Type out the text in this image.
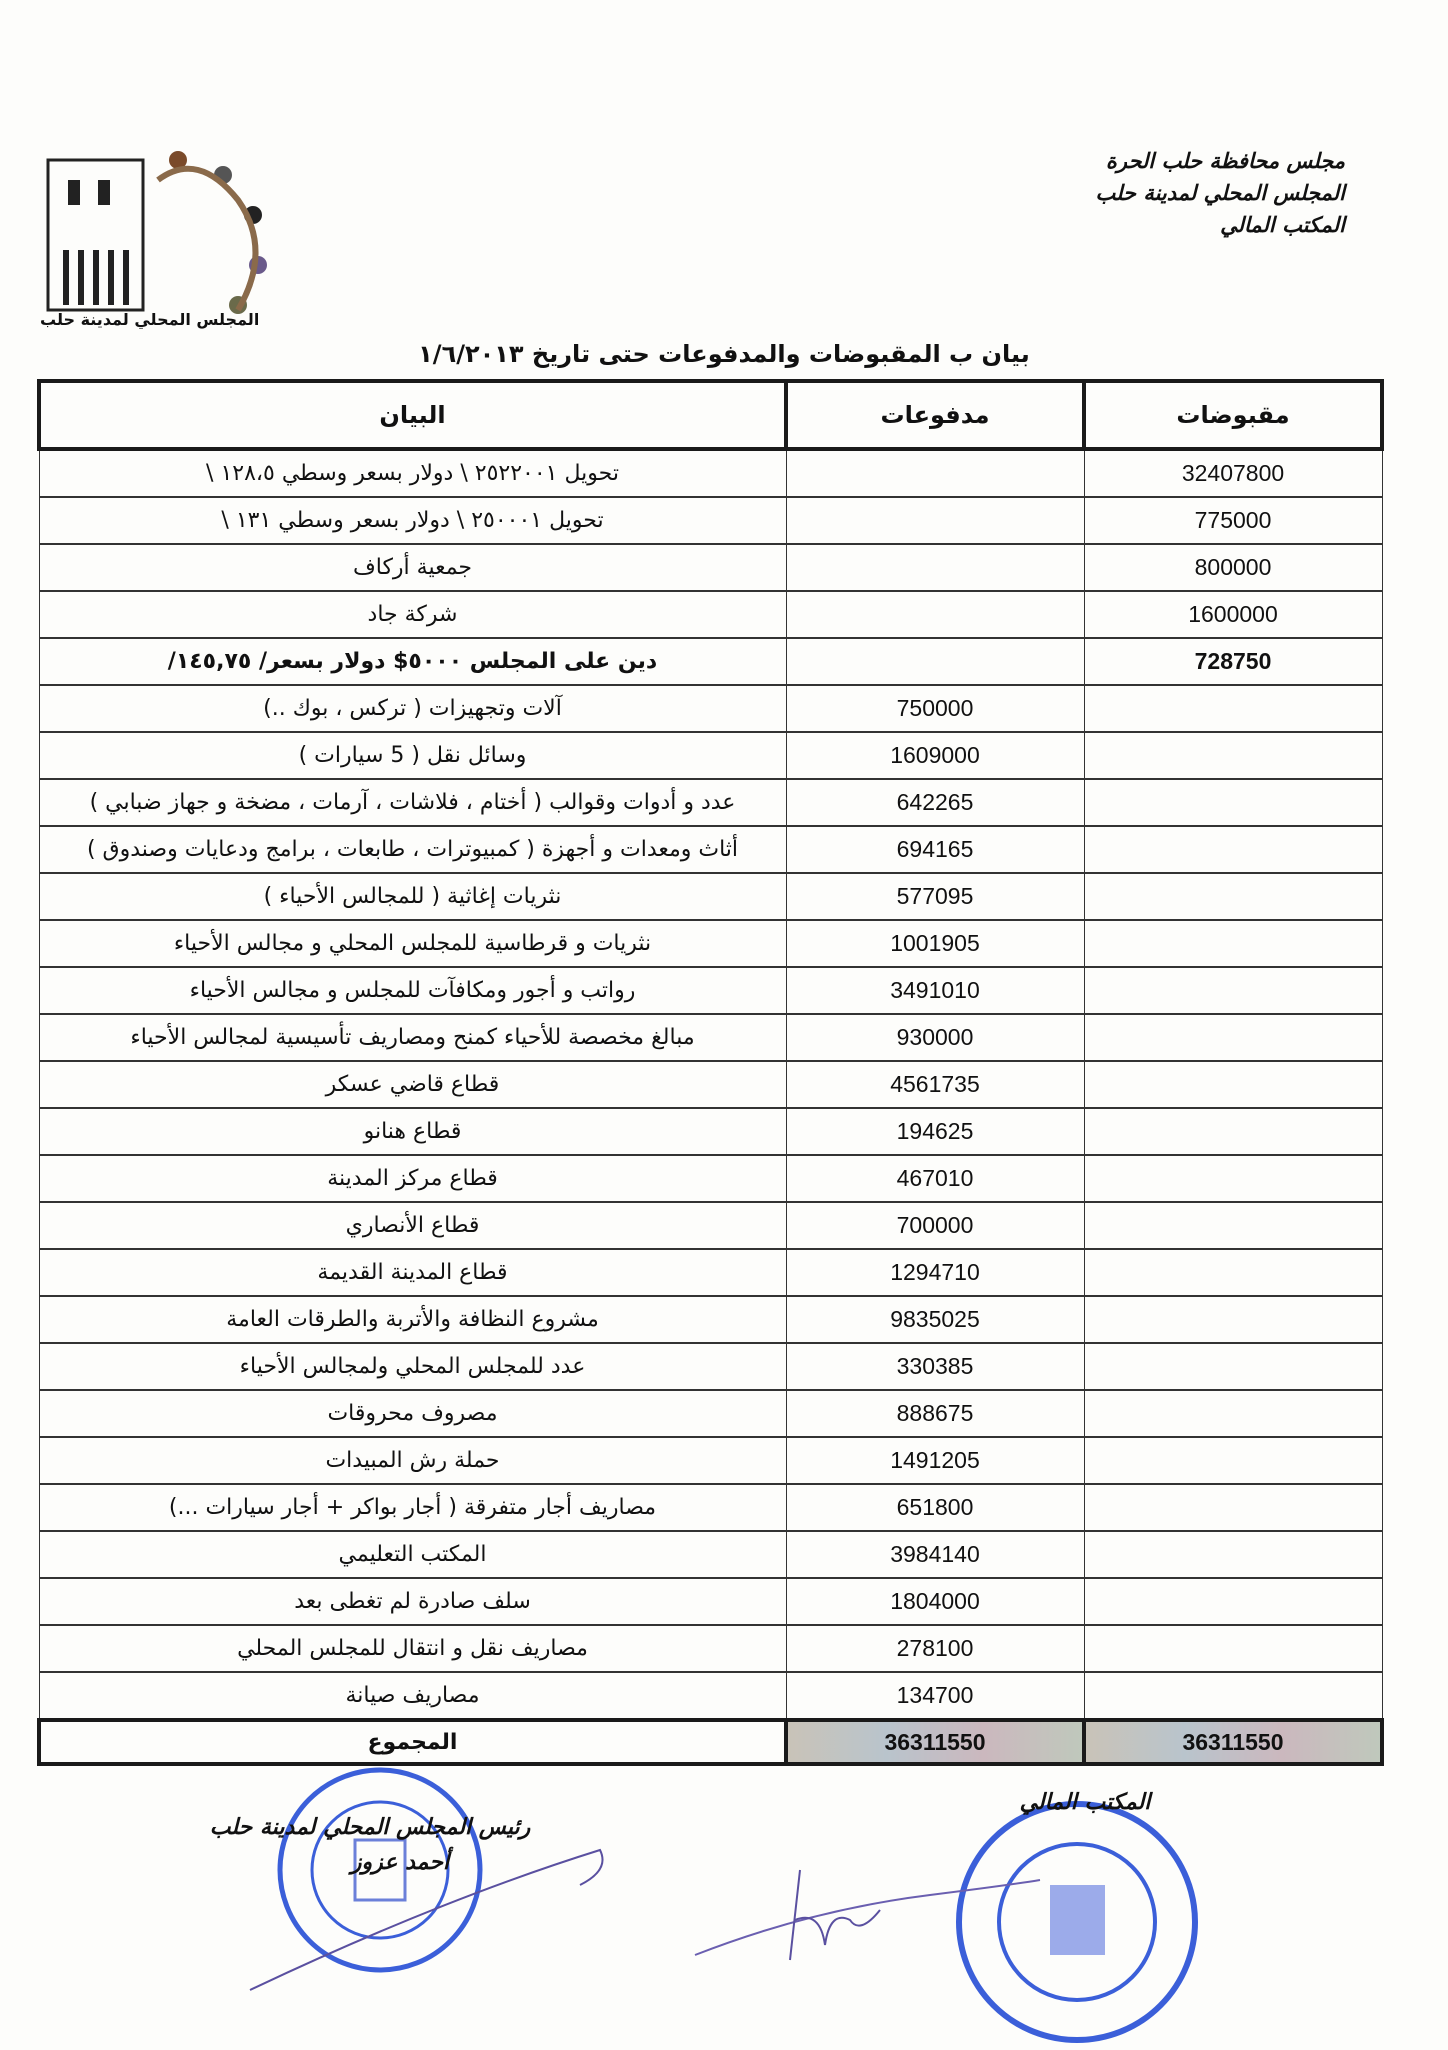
مجلس محافظة حلب الحرة
المجلس المحلي لمدينة حلب
المكتب المالي
المجلس المحلي لمدينة حلب
بيان ب المقبوضات والمدفوعات حتى تاريخ ١/٦/٢٠١٣
مقبوضات	مدفوعات	البيان
32407800		تحويل ٢٥٢٢٠٠١ \ دولار بسعر وسطي ١٢٨،٥ \
775000		تحويل ٢٥٠٠٠١ \ دولار بسعر وسطي ١٣١ \
800000		جمعية أركاف
1600000		شركة جاد
728750		دين على المجلس ٥٠٠٠$ دولار بسعر/ ١٤٥,٧٥/
	750000	آلات وتجهيزات ( تركس ، بوك ..)
	1609000	وسائل نقل ( 5 سيارات )
	642265	عدد و أدوات وقوالب ( أختام ، فلاشات ، آرمات ، مضخة و جهاز ضبابي )
	694165	أثاث ومعدات و أجهزة ( كمبيوترات ، طابعات ، برامج ودعايات وصندوق )
	577095	نثريات إغاثية ( للمجالس الأحياء )
	1001905	نثريات و قرطاسية للمجلس المحلي و مجالس الأحياء
	3491010	رواتب و أجور ومكافآت للمجلس و مجالس الأحياء
	930000	مبالغ مخصصة للأحياء كمنح ومصاريف تأسيسية لمجالس الأحياء
	4561735	قطاع قاضي عسكر
	194625	قطاع هنانو
	467010	قطاع مركز المدينة
	700000	قطاع الأنصاري
	1294710	قطاع المدينة القديمة
	9835025	مشروع النظافة والأتربة والطرقات العامة
	330385	عدد للمجلس المحلي ولمجالس الأحياء
	888675	مصروف محروقات
	1491205	حملة رش المبيدات
	651800	مصاريف أجار متفرقة ( أجار بواكر + أجار سيارات ...)
	3984140	المكتب التعليمي
	1804000	سلف صادرة لم تغطى بعد
	278100	مصاريف نقل و انتقال للمجلس المحلي
	134700	مصاريف صيانة
36311550	36311550	المجموع
المكتب المالي
رئيس المجلس المحلي لمدينة حلب
أحمد عزوز
